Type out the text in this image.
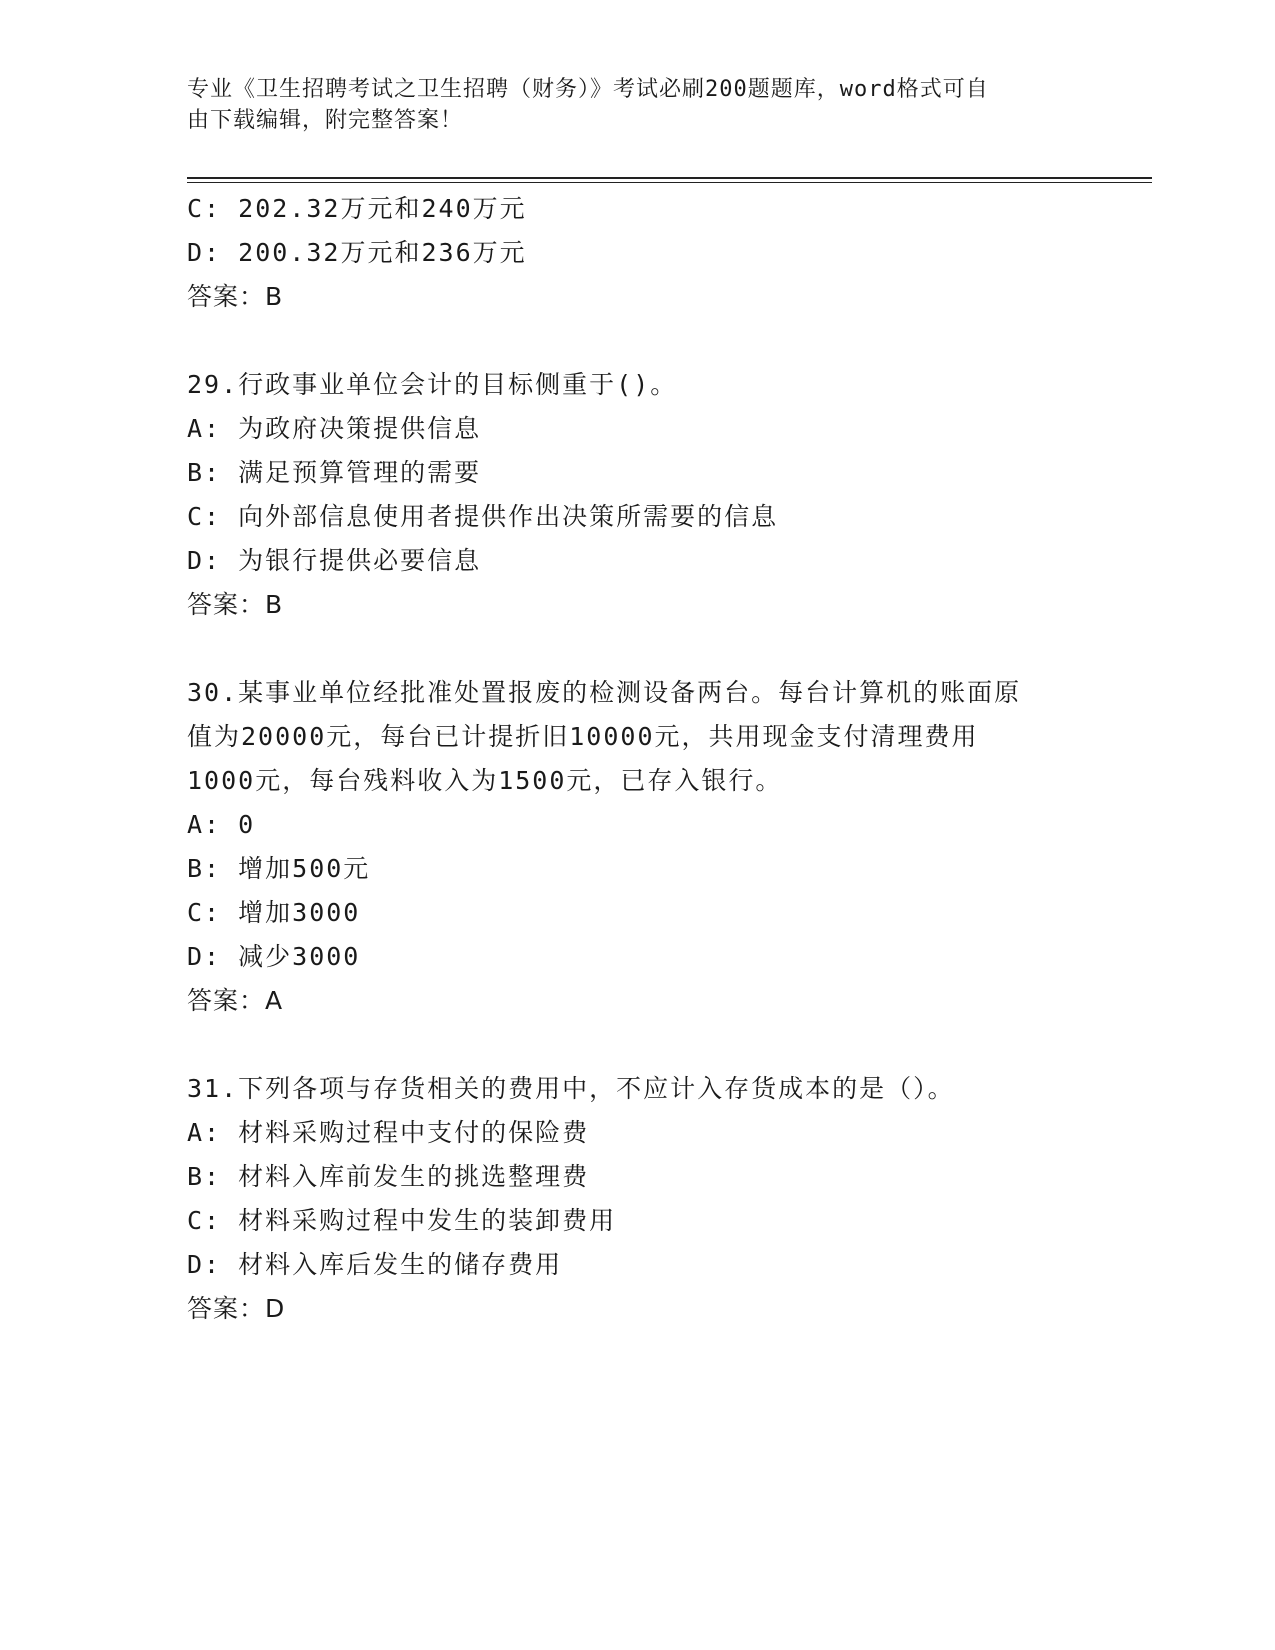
专业《卫生招聘考试之卫生招聘（财务）》考试必刷200题题库，word格式可自
由下载编辑，附完整答案！
C: 202.32万元和240万元
D: 200.32万元和236万元
答案：B
29.行政事业单位会计的目标侧重于()。
A: 为政府决策提供信息
B: 满足预算管理的需要
C: 向外部信息使用者提供作出决策所需要的信息
D: 为银行提供必要信息
答案：B
30.某事业单位经批准处置报废的检测设备两台。每台计算机的账面原
值为20000元，每台已计提折旧10000元，共用现金支付清理费用
1000元，每台残料收入为1500元，已存入银行。
A: 0
B: 增加500元
C: 增加3000
D: 减少3000
答案：A
31.下列各项与存货相关的费用中，不应计入存货成本的是（）。
A: 材料采购过程中支付的保险费
B: 材料入库前发生的挑选整理费
C: 材料采购过程中发生的装卸费用
D: 材料入库后发生的储存费用
答案：D
